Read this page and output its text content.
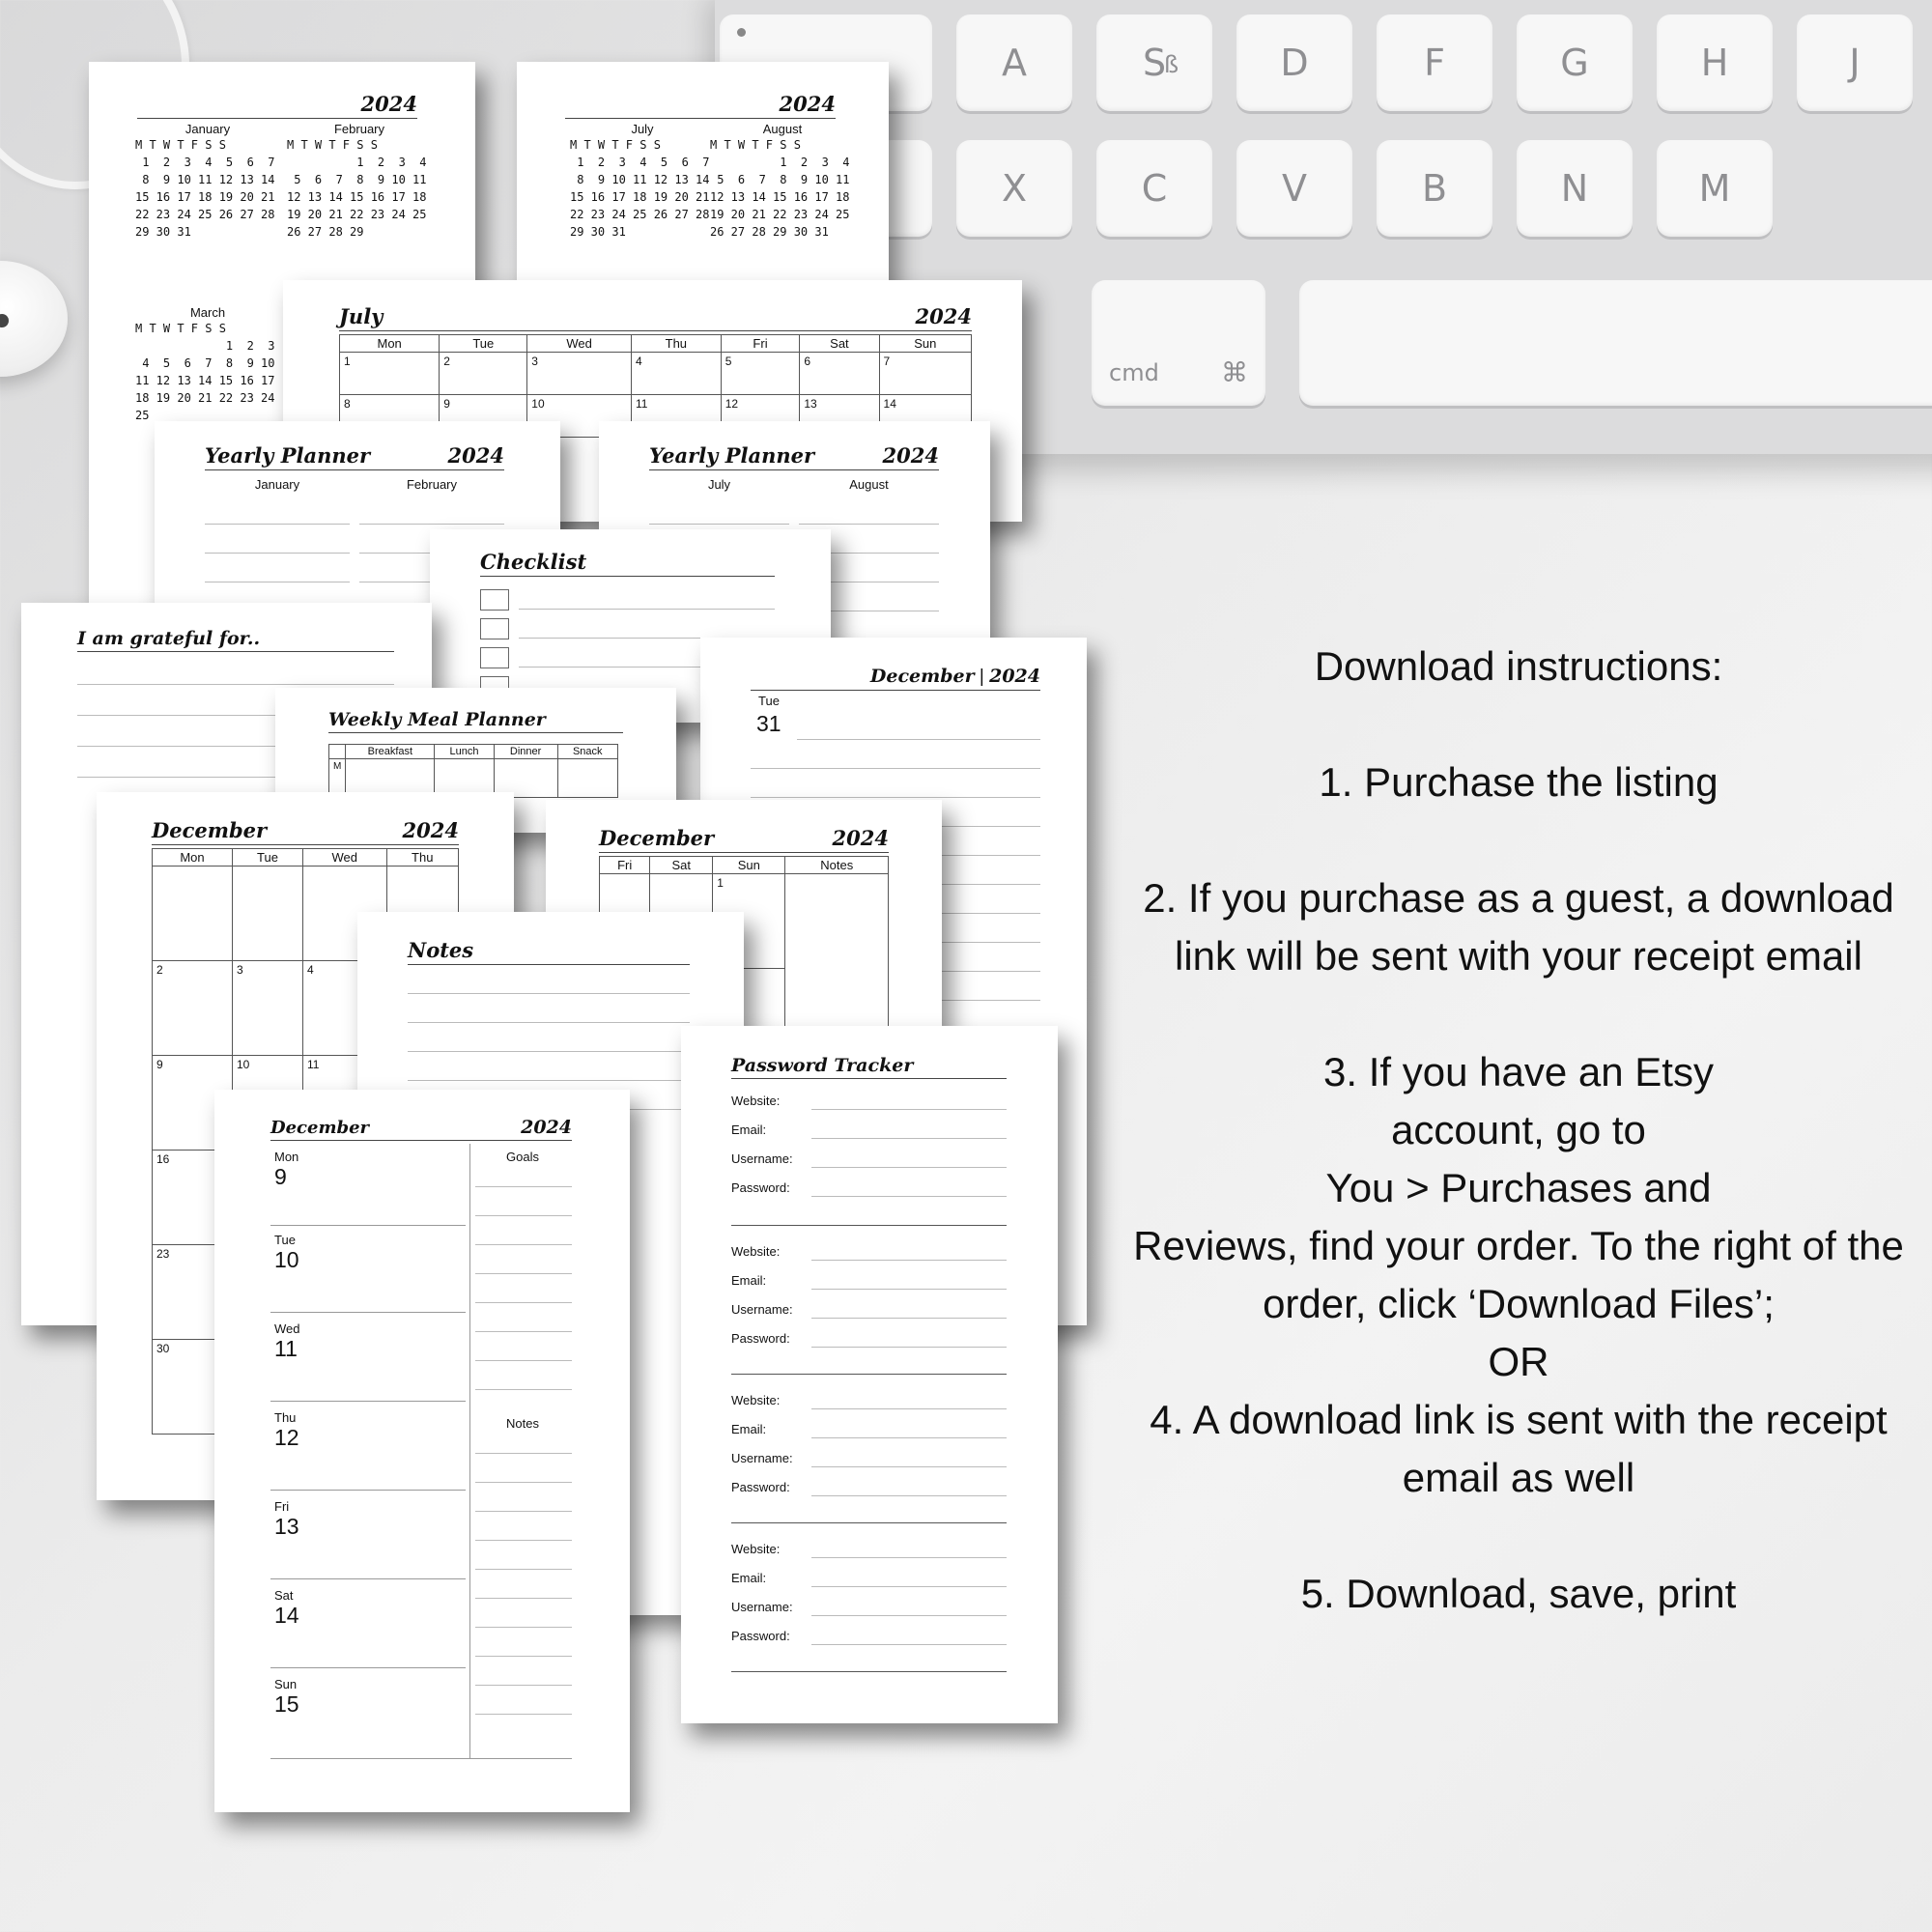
A	S
ß	D	F	G	H	J
X	C	V	B	N	M
cmd ⌘
2024
January
M T W T F S S
1  2  3  4  5  6  7
8  9 10 11 12 13 14
15 16 17 18 19 20 21
22 23 24 25 26 27 28
29 30 31
February
M T W T F S S
1  2  3  4
5  6  7  8  9 10 11
12 13 14 15 16 17 18
19 20 21 22 23 24 25
26 27 28 29
March
M T W T F S S
1  2  3
4  5  6  7  8  9 10
11 12 13 14 15 16 17
18 19 20 21 22 23 24
25
2024
July
M T W T F S S
1  2  3  4  5  6  7
8  9 10 11 12 13 14
15 16 17 18 19 20 21
22 23 24 25 26 27 28
29 30 31
August
M T W T F S S
1  2  3  4
5  6  7  8  9 10 11
12 13 14 15 16 17 18
19 20 21 22 23 24 25
26 27 28 29 30 31
July	2024
Mon	Tue	Wed	Thu	Fri	Sat	Sun
1	2	3	4	5	6	7
8	9	10	11	12	13	14
Yearly Planner	2024
January	February
Yearly Planner	2024
July	August
Checklist
I am grateful for..
December | 2024
Tue
31
Weekly Meal Planner
	Breakfast	Lunch	Dinner	Snack
M				
December	2024
Mon	Tue	Wed	Thu

2	3	4	
9	10	11	
16			
23			
30			
December	2024
Fri	Sat	Sun	Notes
		1	

Notes
December	2024
Goals
Notes
Mon
9
Tue
10
Wed
11
Thu
12
Fri
13
Sat
14
Sun
15
Password Tracker
Website:
Email:
Username:
Password:
Website:
Email:
Username:
Password:
Website:
Email:
Username:
Password:
Website:
Email:
Username:
Password:

Download instructions:

1. Purchase the listing

2. If you purchase as a guest, a download link will be sent with your receipt email

3. If you have an Etsy
account, go to
You > Purchases and
Reviews, find your order. To the right of the order, click ‘Download Files’;
OR

4. A download link is sent with the receipt email as well

5. Download, save, print
